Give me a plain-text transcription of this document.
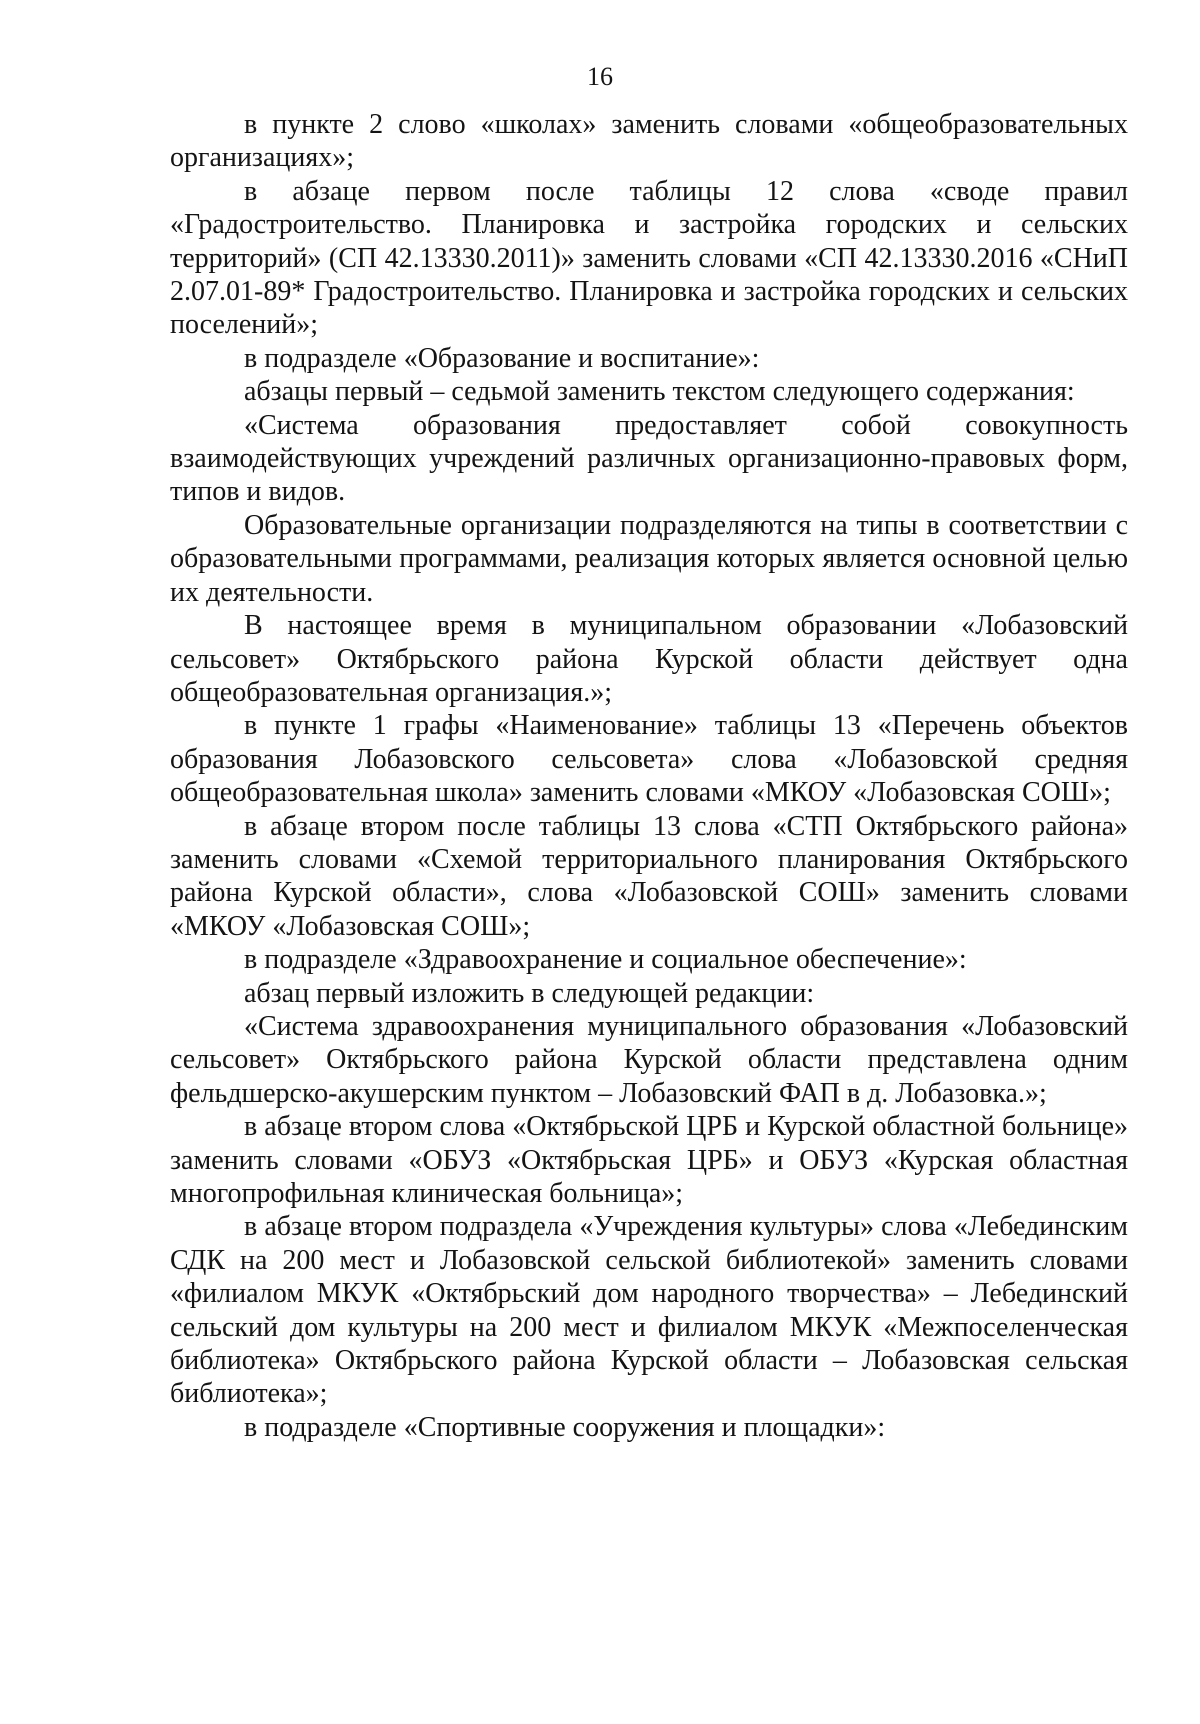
16

в пункте 2 слово «школах» заменить словами «общеобразовательных организациях»;

в абзаце первом после таблицы 12 слова «своде правил «Градостроительство. Планировка и застройка городских и сельских территорий» (СП 42.13330.2011)» заменить словами «СП 42.13330.2016 «СНиП 2.07.01-89* Градостроительство. Планировка и застройка городских и сельских поселений»;

в подразделе «Образование и воспитание»:

абзацы первый – седьмой заменить текстом следующего содержания:

«Система образования предоставляет собой совокупность взаимодействующих учреждений различных организационно-правовых форм, типов и видов.

Образовательные организации подразделяются на типы в соответствии с образовательными программами, реализация которых является основной целью их деятельности.

В настоящее время в муниципальном образовании «Лобазовский сельсовет» Октябрьского района Курской области действует одна общеобразовательная организация.»;

в пункте 1 графы «Наименование» таблицы 13 «Перечень объектов образования Лобазовского сельсовета» слова «Лобазовской средняя общеобразовательная школа» заменить словами «МКОУ «Лобазовская СОШ»;

в абзаце втором после таблицы 13 слова «СТП Октябрьского района» заменить словами «Схемой территориального планирования Октябрьского района Курской области», слова «Лобазовской СОШ» заменить словами «МКОУ «Лобазовская СОШ»;

в подразделе «Здравоохранение и социальное обеспечение»:

абзац первый изложить в следующей редакции:

«Система здравоохранения муниципального образования «Лобазовский сельсовет» Октябрьского района Курской области представлена одним фельдшерско-акушерским пунктом – Лобазовский ФАП в д. Лобазовка.»;

в абзаце втором слова «Октябрьской ЦРБ и Курской областной больнице» заменить словами «ОБУЗ «Октябрьская ЦРБ» и ОБУЗ «Курская областная многопрофильная клиническая больница»;

в абзаце втором подраздела «Учреждения культуры» слова «Лебединским СДК на 200 мест и Лобазовской сельской библиотекой» заменить словами «филиалом МКУК «Октябрьский дом народного творчества» – Лебединский сельский дом культуры на 200 мест и филиалом МКУК «Межпоселенческая библиотека» Октябрьского района Курской области – Лобазовская сельская библиотека»;

в подразделе «Спортивные сооружения и площадки»:
